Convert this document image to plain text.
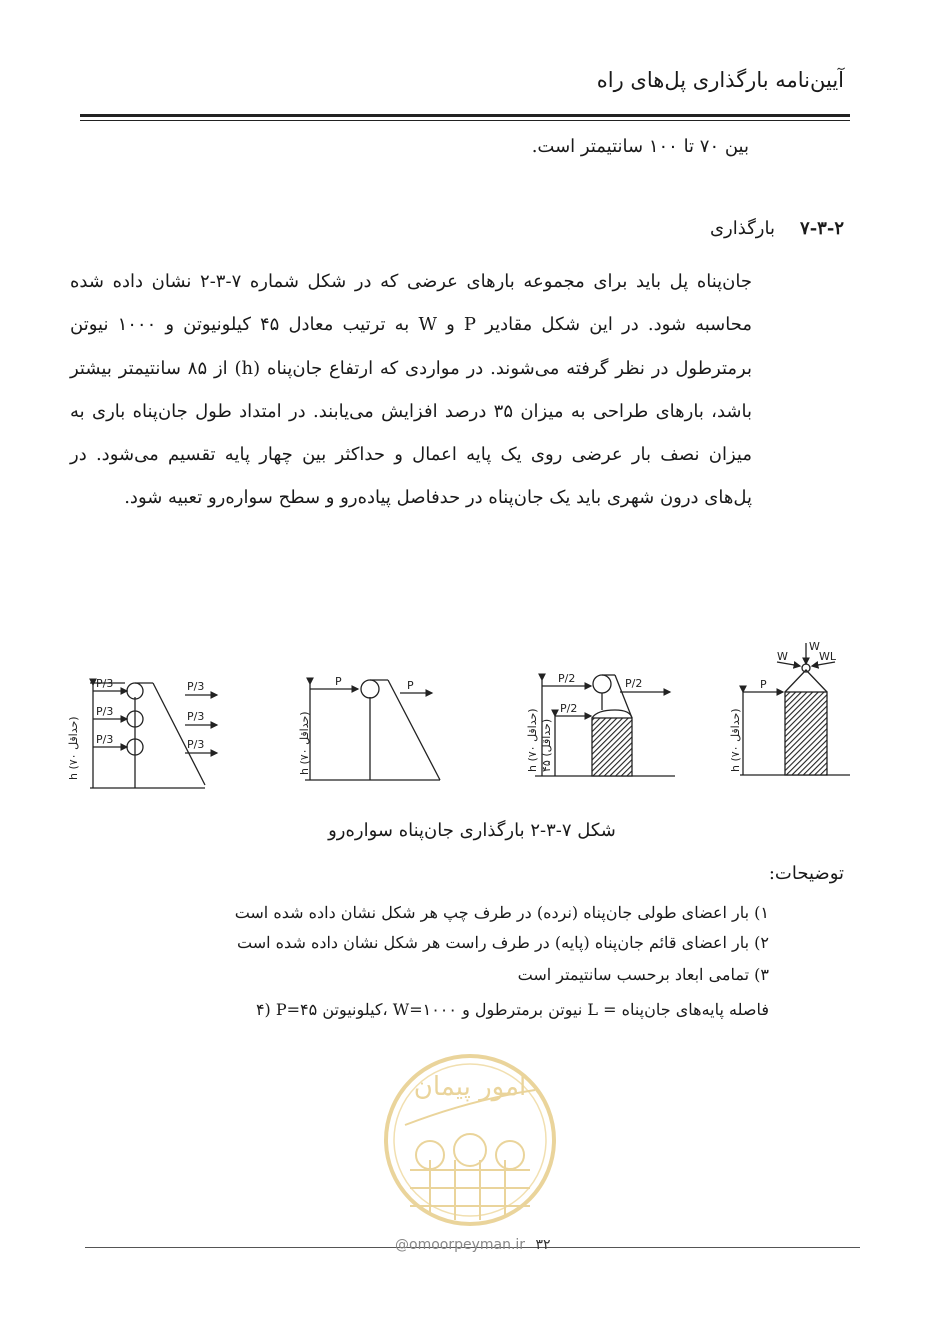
آیین‌نامه بارگذاری پل‌های راه
بین ۷۰ تا ۱۰۰ سانتیمتر است.
۷-۳-۲    بارگذاری
جان‌پناه پل باید برای مجموعه بارهای عرضی که در شکل شماره ۷-۳-۲ نشان داده شده محاسبه شود. در این شکل مقادیر P و W به ترتیب معادل ۴۵ کیلونیوتن و ۱۰۰۰ نیوتن برمترطول در نظر گرفته می‌شوند. در مواردی که ارتفاع جان‌پناه (h) از ۸۵ سانتیمتر بیشتر باشد، بارهای طراحی به میزان ۳۵ درصد افزایش می‌یابند. در امتداد طول جان‌پناه باری به میزان نصف بار عرضی روی یک پایه اعمال و حداکثر بین چهار پایه تقسیم می‌شود. در پل‌های درون شهری باید یک جان‌پناه در حدفاصل پیاده‌رو و سطح سواره‌رو تعبیه شود.
P/3
P/3
P/3
P/3
P/3
P/3
P	P
P/2
P/2
P/2	P
W
W	WL
h (حداقل ۷۰)
h (حداقل ۷۰)
h (حداقل ۷۰)
۴۵ (حداقل)
h (حداقل ۷۰)
شکل ۷-۳-۲ بارگذاری جان‌پناه سواره‌رو
توضیحات:
۱) بار اعضای طولی جان‌پناه (نرده) در طرف چپ هر شکل نشان داده شده است
۲) بار اعضای قائم جان‌پناه (پایه) در طرف راست هر شکل نشان داده شده است
۳) تمامی ابعاد برحسب سانتیمتر است
۴) P=۴۵ کیلونیوتن، W=۱۰۰۰ نیوتن برمترطول و L = فاصله پایه‌های جان‌پناه
امور پیمان
@omoorpeyman.ir ۳۲
